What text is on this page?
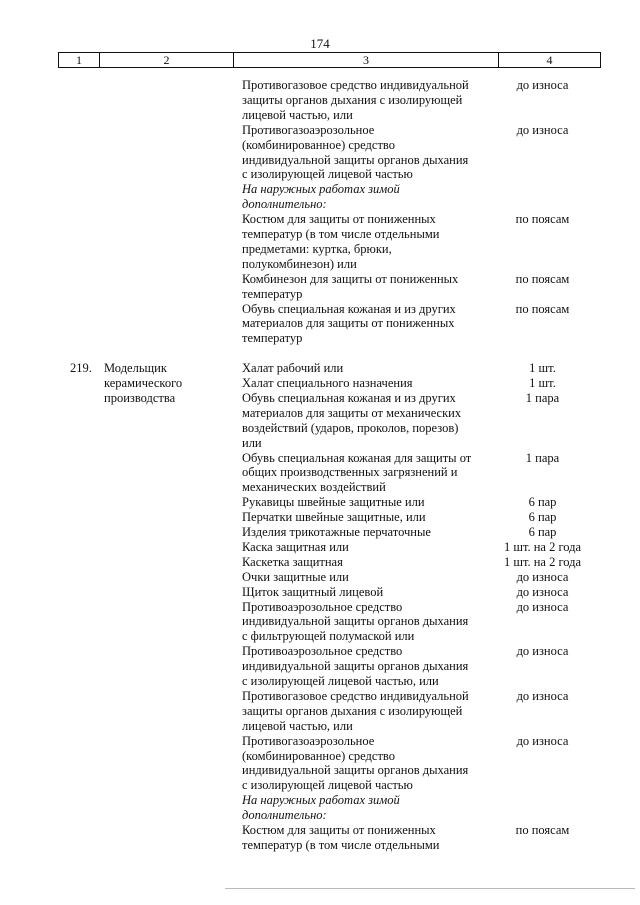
174
1	2	3	4
Противогазовое средство индивидуальной	до износа
защиты органов дыхания с изолирующей
лицевой частью, или
Противогазоаэрозольное	до износа
(комбинированное) средство
индивидуальной защиты органов дыхания
с изолирующей лицевой частью
На наружных работах зимой
дополнительно:
Костюм для защиты от пониженных	по поясам
температур (в том числе отдельными
предметами: куртка, брюки,
полукомбинезон) или
Комбинезон для защиты от пониженных	по поясам
температур
Обувь специальная кожаная и из других	по поясам
материалов для защиты от пониженных
температур
219. Модельщик	Халат рабочий или	1 шт.
керамического	Халат специального назначения	1 шт.
производства	Обувь специальная кожаная и из других	1 пара
материалов для защиты от механических
воздействий (ударов, проколов, порезов)
или
Обувь специальная кожаная для защиты от	1 пара
общих производственных загрязнений и
механических воздействий
Рукавицы швейные защитные или	6 пар
Перчатки швейные защитные, или	6 пар
Изделия трикотажные перчаточные	6 пар
Каска защитная или	1 шт. на 2 года
Каскетка защитная	1 шт. на 2 года
Очки защитные или	до износа
Щиток защитный лицевой	до износа
Противоаэрозольное средство	до износа
индивидуальной защиты органов дыхания
с фильтрующей полумаской или
Противоаэрозольное средство	до износа
индивидуальной защиты органов дыхания
с изолирующей лицевой частью, или
Противогазовое средство индивидуальной	до износа
защиты органов дыхания с изолирующей
лицевой частью, или
Противогазоаэрозольное	до износа
(комбинированное) средство
индивидуальной защиты органов дыхания
с изолирующей лицевой частью
На наружных работах зимой
дополнительно:
Костюм для защиты от пониженных	по поясам
температур (в том числе отдельными
